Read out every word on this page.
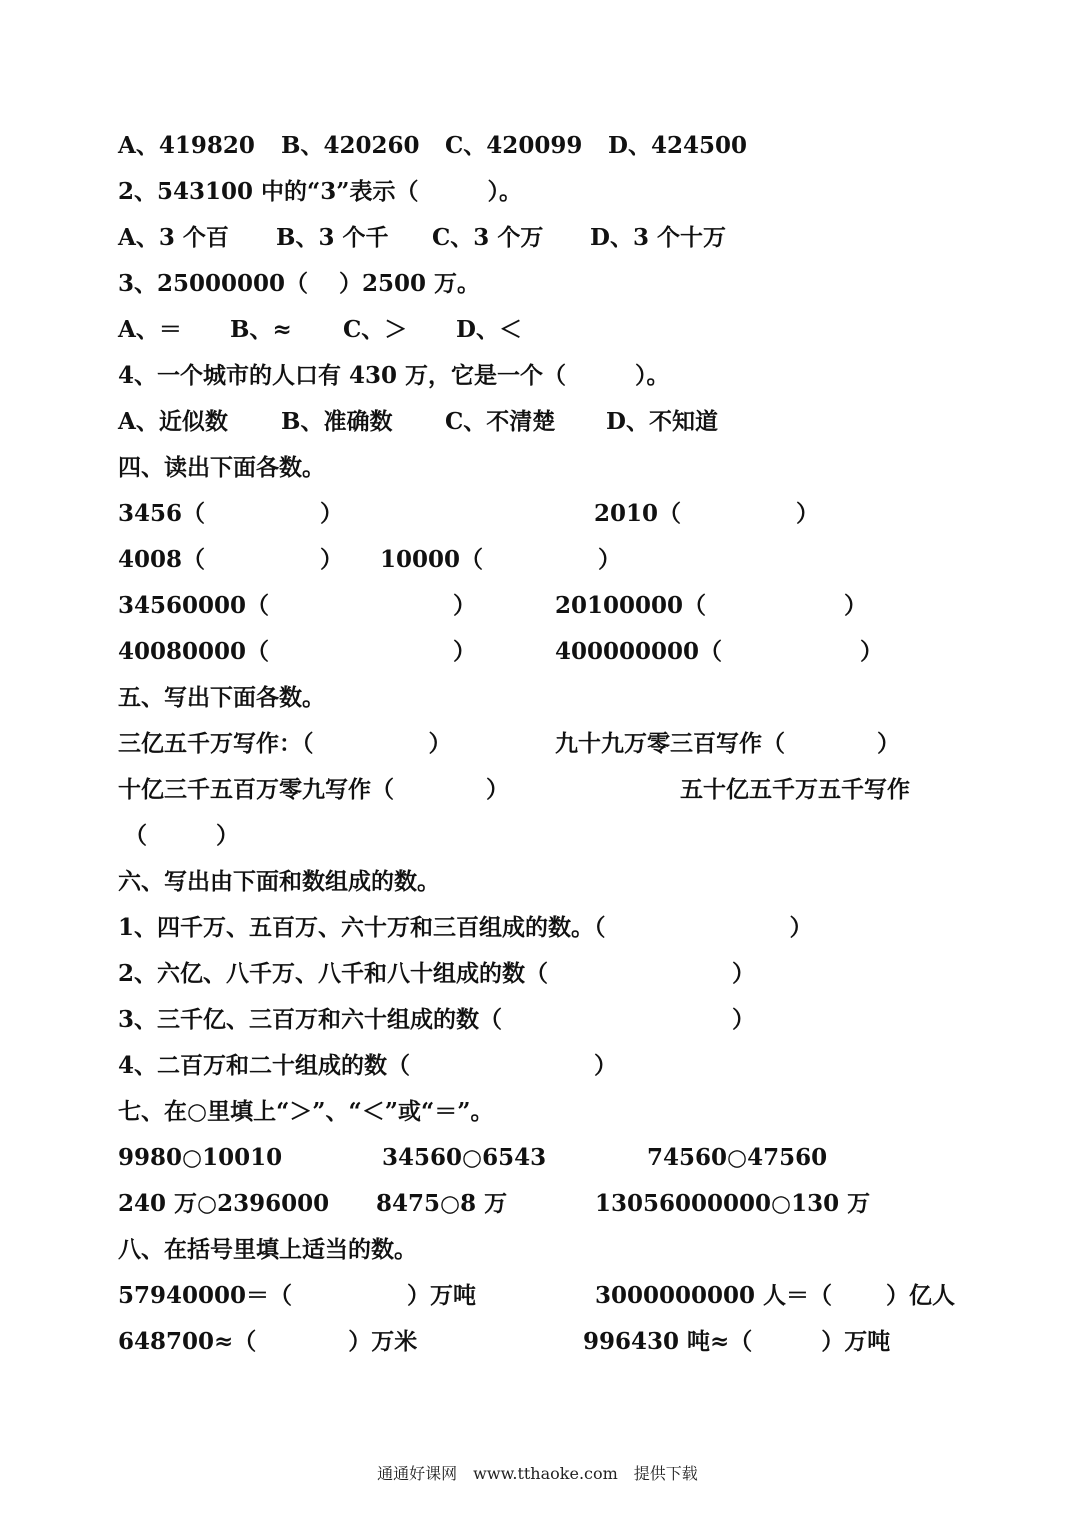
A、419820 B、420260 C、420099 D、424500
2、543100 中的“3”表示（　　　）。
A、3 个百 B、3 个千 C、3 个万 D、3 个十万
3、25000000（　 ）2500 万。
A、＝ B、≈ C、＞ D、＜
4、一个城市的人口有 430 万，它是一个（　　　）。
A、近似数 B、准确数 C、不清楚 D、不知道
四、读出下面各数。
3456（　　　　　）	2010（　　　　　）
4008（　　　　　） 10000（　　　　　）
34560000（　　　　　　　　）	20100000（　　　　　　）
40080000（　　　　　　　　）	400000000（　　　　　　）
五、写出下面各数。
三亿五千万写作：（　　　　　）	九十九万零三百写作（　　　　）
十亿三千五百万零九写作（　　　　）	五十亿五千万五千写作
（　　　）
六、写出由下面和数组成的数。
1、四千万、五百万、六十万和三百组成的数。（　　　　　　　　）
2、六亿、八千万、八千和八十组成的数（　　　　　　　　）
3、三千亿、三百万和六十组成的数（　　　　　　　　　　）
4、二百万和二十组成的数（　　　　　　　　）
七、在○里填上“＞”、“＜”或“＝”。
9980○10010	34560○6543	74560○47560
240 万○2396000 8475○8 万	13056000000○130 万
八、在括号里填上适当的数。
57940000＝（　　　　　）万吨	3000000000 人＝（　　 ）亿人
648700≈（　　　　）万米	996430 吨≈（　　　）万吨
通通好课网　www.tthaoke.com　提供下载
